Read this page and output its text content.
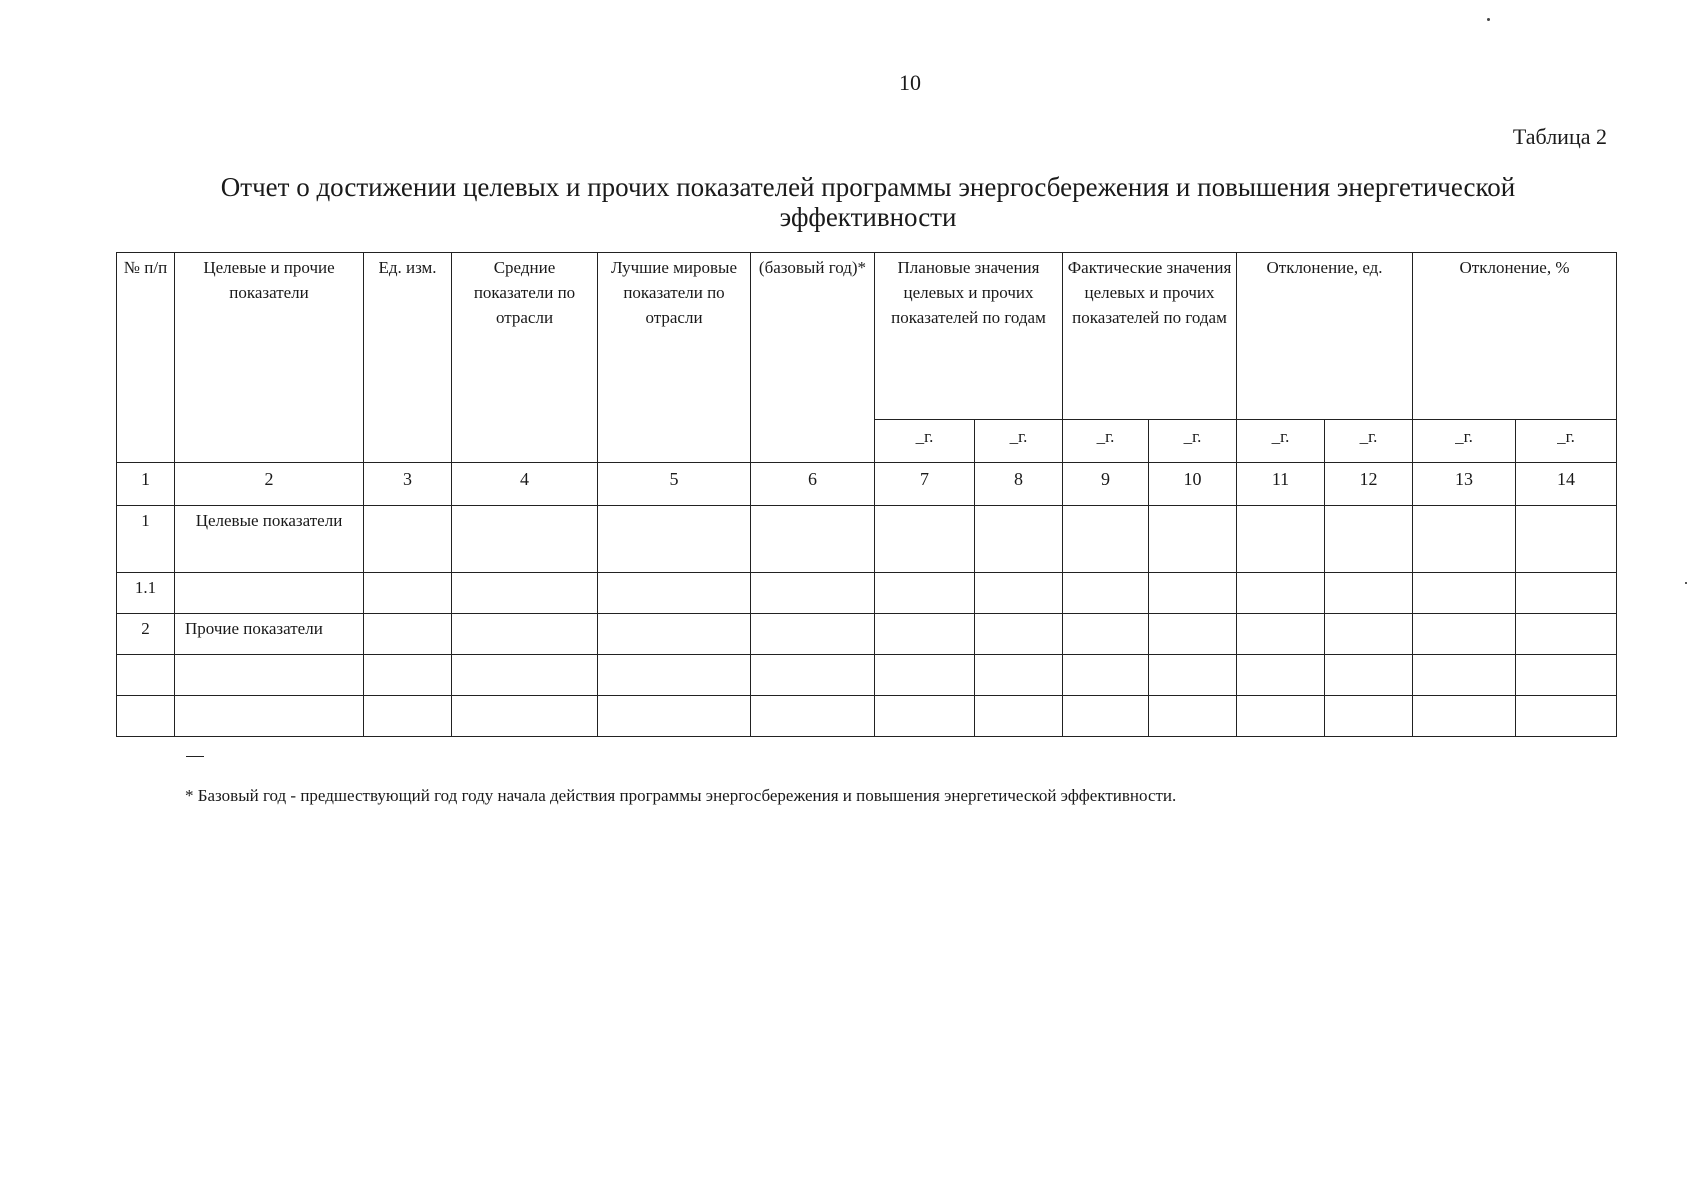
10
Таблица 2
Отчет о достижении целевых и прочих показателей программы энергосбережения и повышения энергетической эффективности
№ п/п	Целевые и прочие показатели	Ед. изм.	Средние показатели по отрасли	Лучшие мировые показатели по отрасли	(базовый год)*	Плановые значения целевых и прочих показателей по годам		Фактические значения целевых и прочих показателей по годам		Отклонение, ед.		Отклонение, %	
						_г.	_г.	_г.	_г.	_г.	_г.	_г.	_г.
1	2	3	4	5	6	7	8	9	10	11	12	13	14
1	Целевые показатели												
1.1													
2	Прочие показатели												

* Базовый год - предшествующий год году начала действия программы энергосбережения и повышения энергетической эффективности.
